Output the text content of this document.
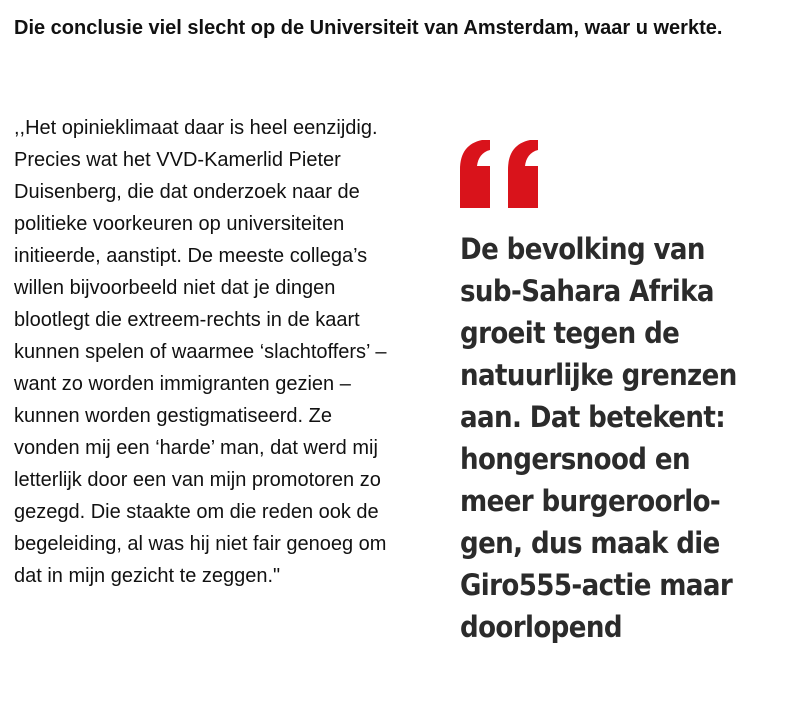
Die conclusie viel slecht op de Universiteit van Amsterdam, waar u werkte.

,,Het opinieklimaat daar is heel eenzijdig. Precies wat het VVD-Kamerlid Pieter Duisenberg, die dat onderzoek naar de politieke voorkeuren op universiteiten initieerde, aanstipt. De meeste collega’s willen bijvoorbeeld niet dat je dingen blootlegt die extreem-rechts in de kaart kunnen spelen of waarmee ‘slachtoffers’ – want zo worden immigranten gezien – kunnen worden gestigmatiseerd. Ze vonden mij een ‘harde’ man, dat werd mij letterlijk door een van mijn promotoren zo gezegd. Die staakte om die reden ook de begeleiding, al was hij niet fair genoeg om dat in mijn gezicht te zeggen."

De bevolking van
sub-Sahara Afrika
groeit tegen de
natuurlijke grenzen
aan. Dat betekent:
hongersnood en
meer burgeroorlo-
gen, dus maak die
Giro555-actie maar
doorlopend
